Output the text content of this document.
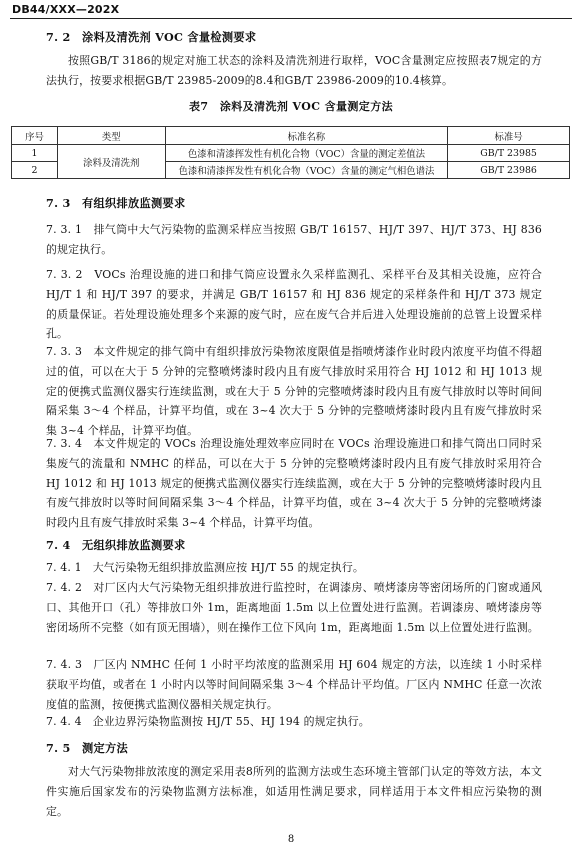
DB44/XXX—202X
7. 2　涂料及清洗剂 VOC 含量检测要求
按照GB/T 3186的规定对施工状态的涂料及清洗剂进行取样，VOC含量测定应按照表7规定的方法执行，按要求根据GB/T 23985-2009的8.4和GB/T 23986-2009的10.4核算。
表7　涂料及清洗剂 VOC 含量测定方法
序号	类型	标准名称	标准号
1	涂料及清洗剂	色漆和清漆挥发性有机化合物（VOC）含量的测定差值法	GB/T 23985
2		色漆和清漆挥发性有机化合物（VOC）含量的测定气相色谱法	GB/T 23986
7. 3　有组织排放监测要求
7. 3. 1　排气筒中大气污染物的监测采样应当按照 GB/T 16157、HJ/T 397、HJ/T 373、HJ 836 的规定执行。
7. 3. 2　VOCs 治理设施的进口和排气筒应设置永久采样监测孔、采样平台及其相关设施，应符合 HJ/T 1 和 HJ/T 397 的要求，并满足 GB/T 16157 和 HJ 836 规定的采样条件和 HJ/T 373 规定的质量保证。若处理设施处理多个来源的废气时，应在废气合并后进入处理设施前的总管上设置采样孔。
7. 3. 3　本文件规定的排气筒中有组织排放污染物浓度限值是指喷烤漆作业时段内浓度平均值不得超过的值，可以在大于 5 分钟的完整喷烤漆时段内且有废气排放时采用符合 HJ 1012 和 HJ 1013 规定的便携式监测仪器实行连续监测，或在大于 5 分钟的完整喷烤漆时段内且有废气排放时以等时间间隔采集 3～4 个样品，计算平均值，或在 3~4 次大于 5 分钟的完整喷烤漆时段内且有废气排放时采集 3~4 个样品，计算平均值。
7. 3. 4　本文件规定的 VOCs 治理设施处理效率应同时在 VOCs 治理设施进口和排气筒出口同时采集废气的流量和 NMHC 的样品，可以在大于 5 分钟的完整喷烤漆时段内且有废气排放时采用符合 HJ 1012 和 HJ 1013 规定的便携式监测仪器实行连续监测，或在大于 5 分钟的完整喷烤漆时段内且有废气排放时以等时间间隔采集 3～4 个样品，计算平均值，或在 3~4 次大于 5 分钟的完整喷烤漆时段内且有废气排放时采集 3~4 个样品，计算平均值。
7. 4　无组织排放监测要求
7. 4. 1　大气污染物无组织排放监测应按 HJ/T 55 的规定执行。
7. 4. 2　对厂区内大气污染物无组织排放进行监控时，在调漆房、喷烤漆房等密闭场所的门窗或通风口、其他开口（孔）等排放口外 1m，距离地面 1.5m 以上位置处进行监测。若调漆房、喷烤漆房等密闭场所不完整（如有顶无围墙），则在操作工位下风向 1m，距离地面 1.5m 以上位置处进行监测。
7. 4. 3　厂区内 NMHC 任何 1 小时平均浓度的监测采用 HJ 604 规定的方法，以连续 1 小时采样获取平均值，或者在 1 小时内以等时间间隔采集 3～4 个样品计平均值。厂区内 NMHC 任意一次浓度值的监测，按便携式监测仪器相关规定执行。
7. 4. 4　企业边界污染物监测按 HJ/T 55、HJ 194 的规定执行。
7. 5　测定方法
对大气污染物排放浓度的测定采用表8所列的监测方法或生态环境主管部门认定的等效方法，本文件实施后国家发布的污染物监测方法标准，如适用性满足要求，同样适用于本文件相应污染物的测定。
8
